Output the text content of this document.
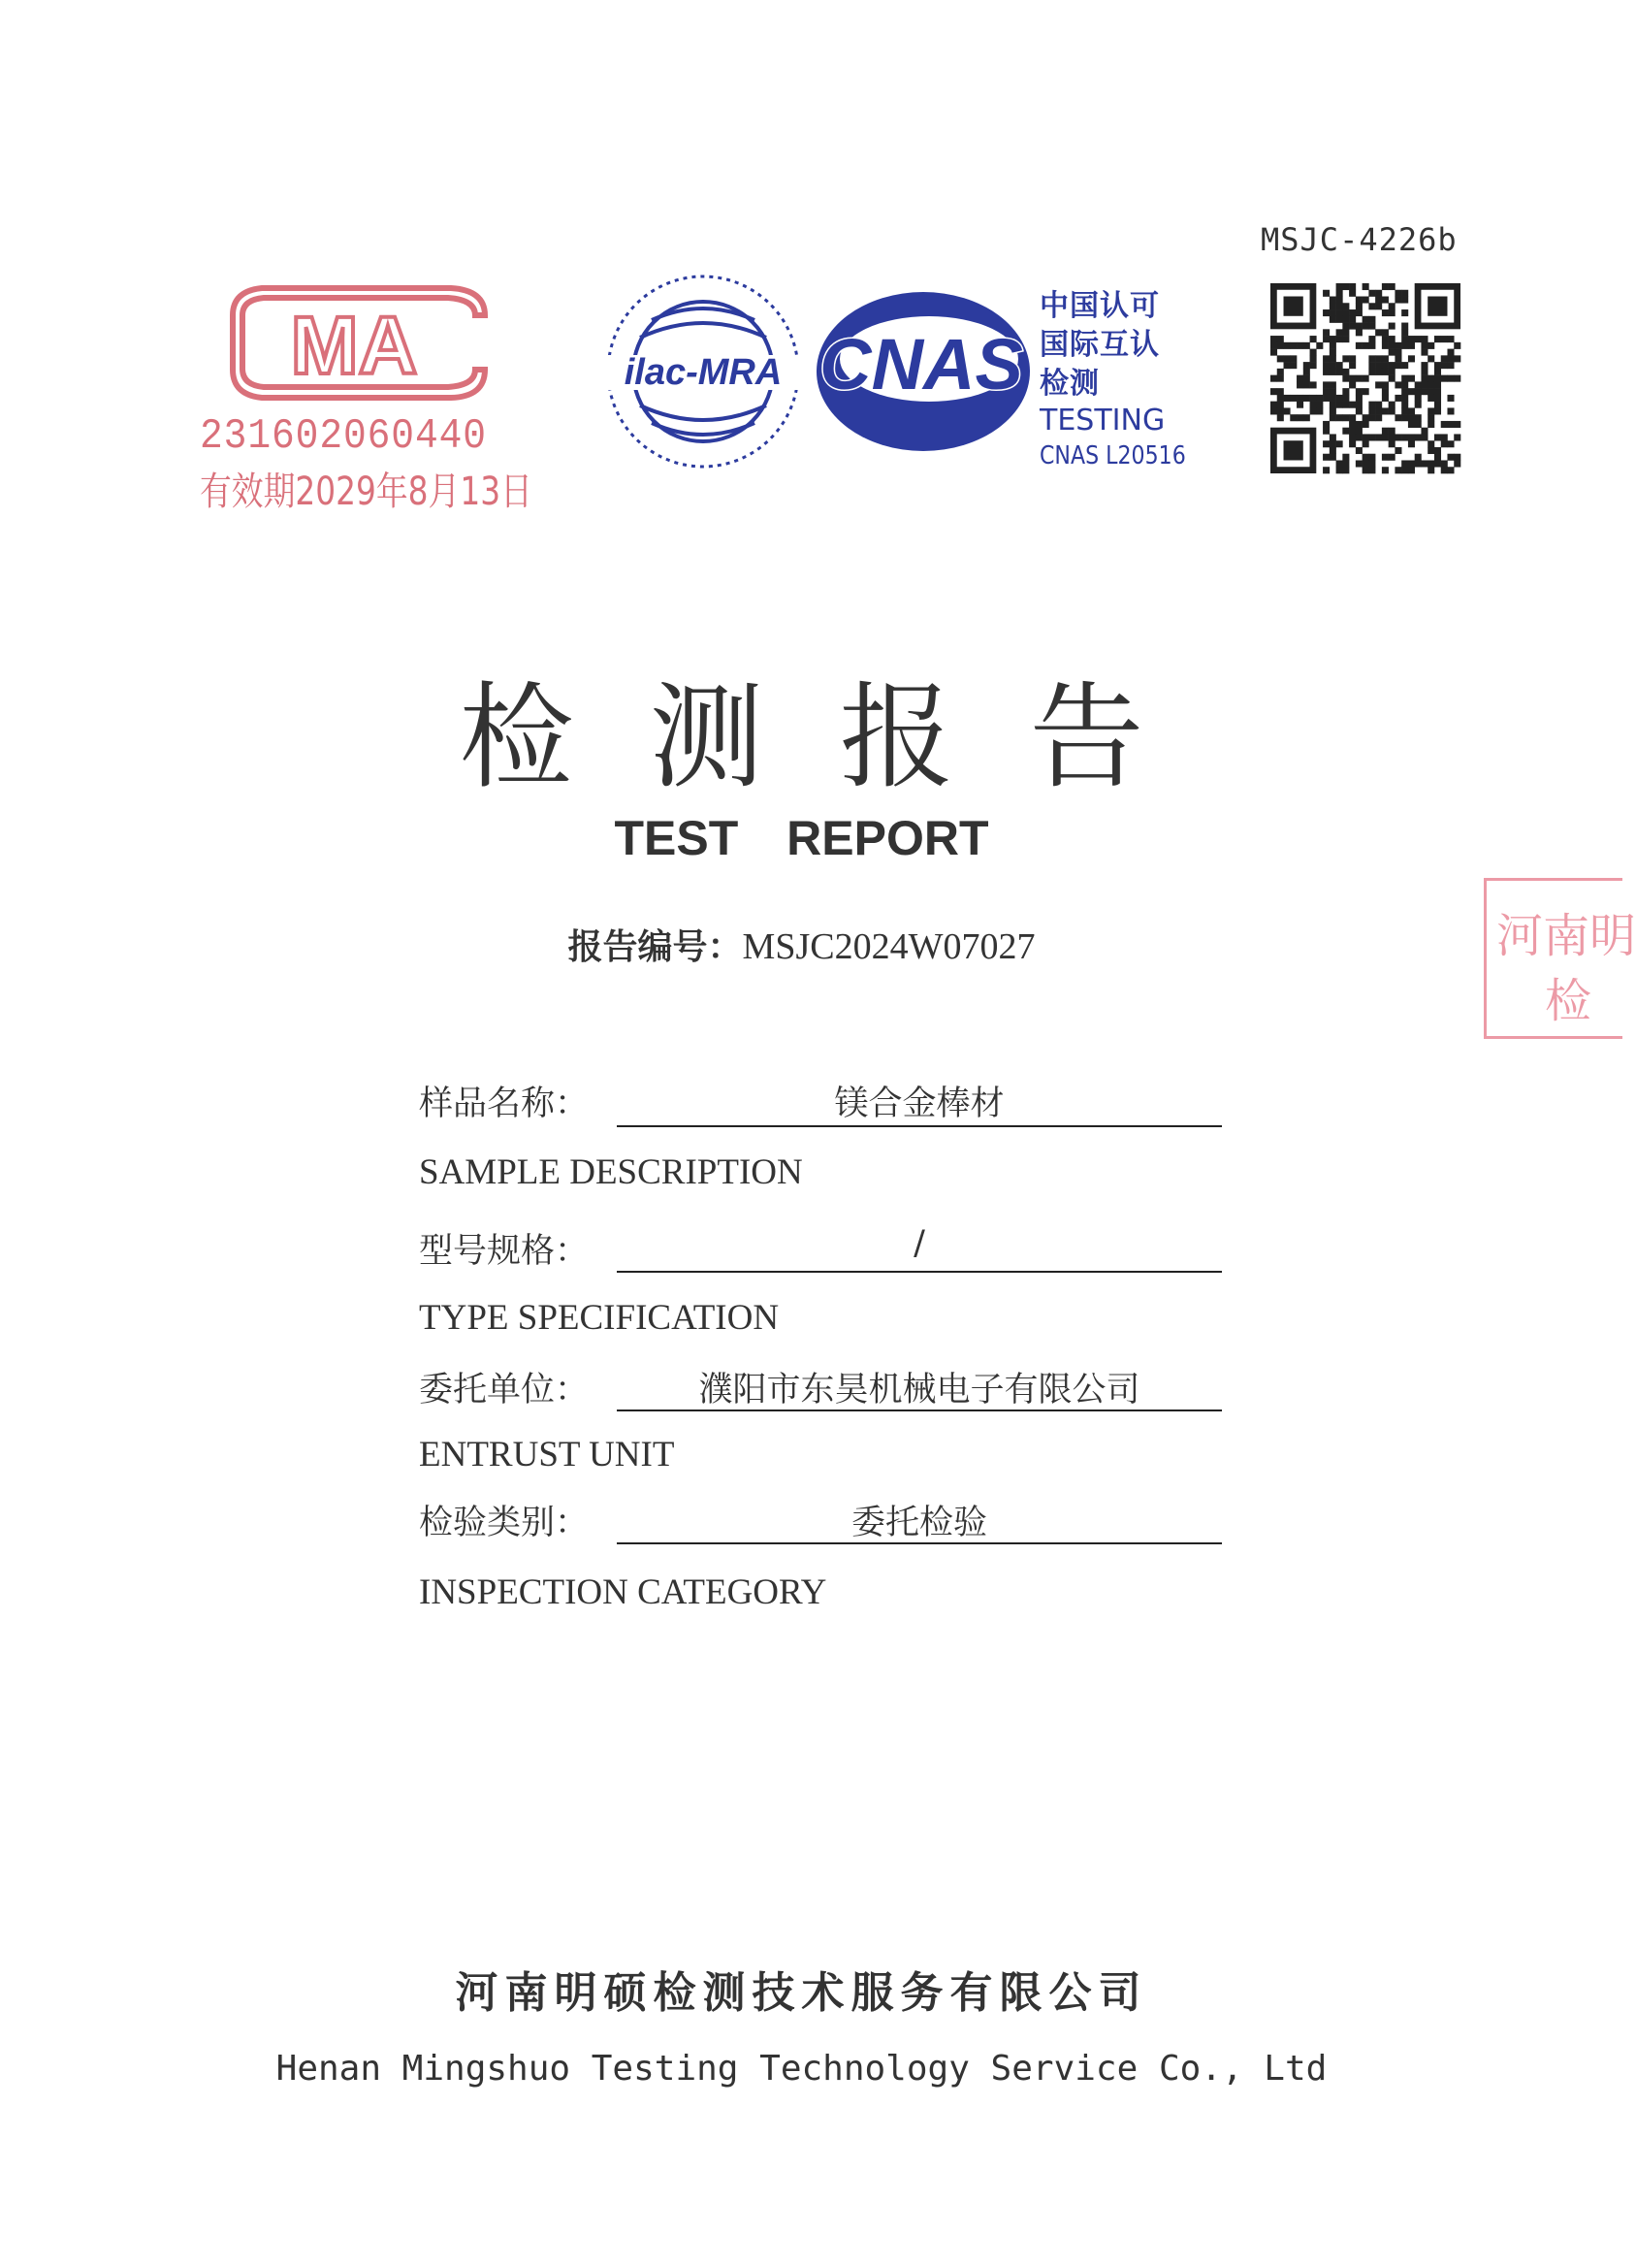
MSJC-4226b
MA
231602060440
有效期2029年8月13日
ilac-MRA CNAS
中国认可
国际互认
检测
TESTING
CNAS L20516
检测报告
TEST REPORT
报告编号：MSJC2024W07027	河南明
检
样品名称：	镁合金棒材
SAMPLE DESCRIPTION
型号规格：	/
TYPE SPECIFICATION
委托单位：	濮阳市东昊机械电子有限公司
ENTRUST UNIT
检验类别：	委托检验
INSPECTION CATEGORY
河南明硕检测技术服务有限公司
Henan Mingshuo Testing Technology Service Co., Ltd
